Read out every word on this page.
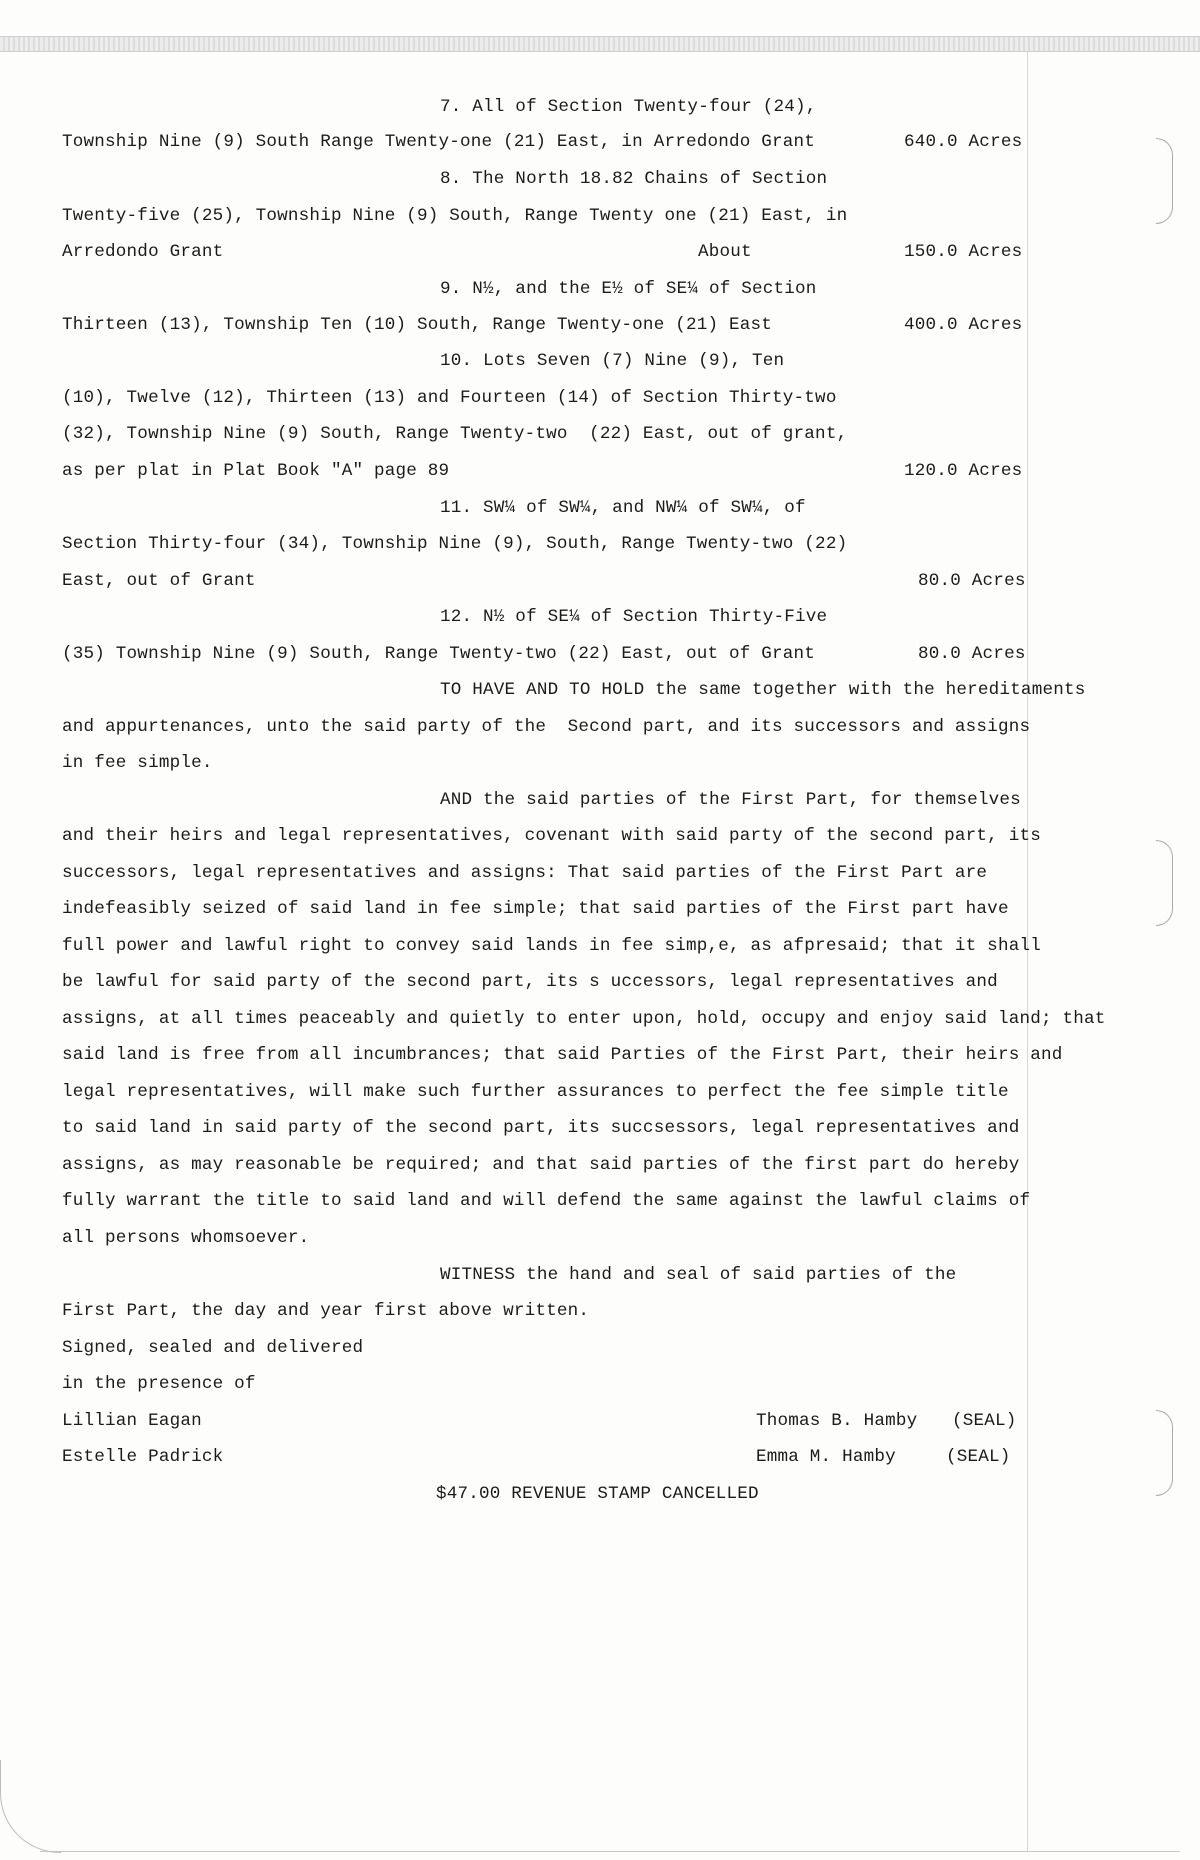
7. All of Section Twenty-four (24),
Township Nine (9) South Range Twenty-one (21) East, in Arredondo Grant	640.0 Acres
8. The North 18.82 Chains of Section
Twenty-five (25), Township Nine (9) South, Range Twenty one (21) East, in
Arredondo Grant	About	150.0 Acres
9. N½, and the E½ of SE¼ of Section
Thirteen (13), Township Ten (10) South, Range Twenty-one (21) East	400.0 Acres
10. Lots Seven (7) Nine (9), Ten
(10), Twelve (12), Thirteen (13) and Fourteen (14) of Section Thirty-two
(32), Township Nine (9) South, Range Twenty-two  (22) East, out of grant,
as per plat in Plat Book "A" page 89	120.0 Acres
11. SW¼ of SW¼, and NW¼ of SW¼, of
Section Thirty-four (34), Township Nine (9), South, Range Twenty-two (22)
East, out of Grant	80.0 Acres
12. N½ of SE¼ of Section Thirty-Five
(35) Township Nine (9) South, Range Twenty-two (22) East, out of Grant	80.0 Acres
TO HAVE AND TO HOLD the same together with the hereditaments
and appurtenances, unto the said party of the  Second part, and its successors and assigns
in fee simple.
AND the said parties of the First Part, for themselves
and their heirs and legal representatives, covenant with said party of the second part, its
successors, legal representatives and assigns: That said parties of the First Part are
indefeasibly seized of said land in fee simple; that said parties of the First part have
full power and lawful right to convey said lands in fee simp,e, as afpresaid; that it shall
be lawful for said party of the second part, its s uccessors, legal representatives and
assigns, at all times peaceably and quietly to enter upon, hold, occupy and enjoy said land; that
said land is free from all incumbrances; that said Parties of the First Part, their heirs and
legal representatives, will make such further assurances to perfect the fee simple title
to said land in said party of the second part, its succsessors, legal representatives and
assigns, as may reasonable be required; and that said parties of the first part do hereby
fully warrant the title to said land and will defend the same against the lawful claims of
all persons whomsoever.
WITNESS the hand and seal of said parties of the
First Part, the day and year first above written.
Signed, sealed and delivered
in the presence of
Lillian Eagan	Thomas B. Hamby (SEAL)
Estelle Padrick	Emma M. Hamby	(SEAL)
$47.00 REVENUE STAMP CANCELLED
